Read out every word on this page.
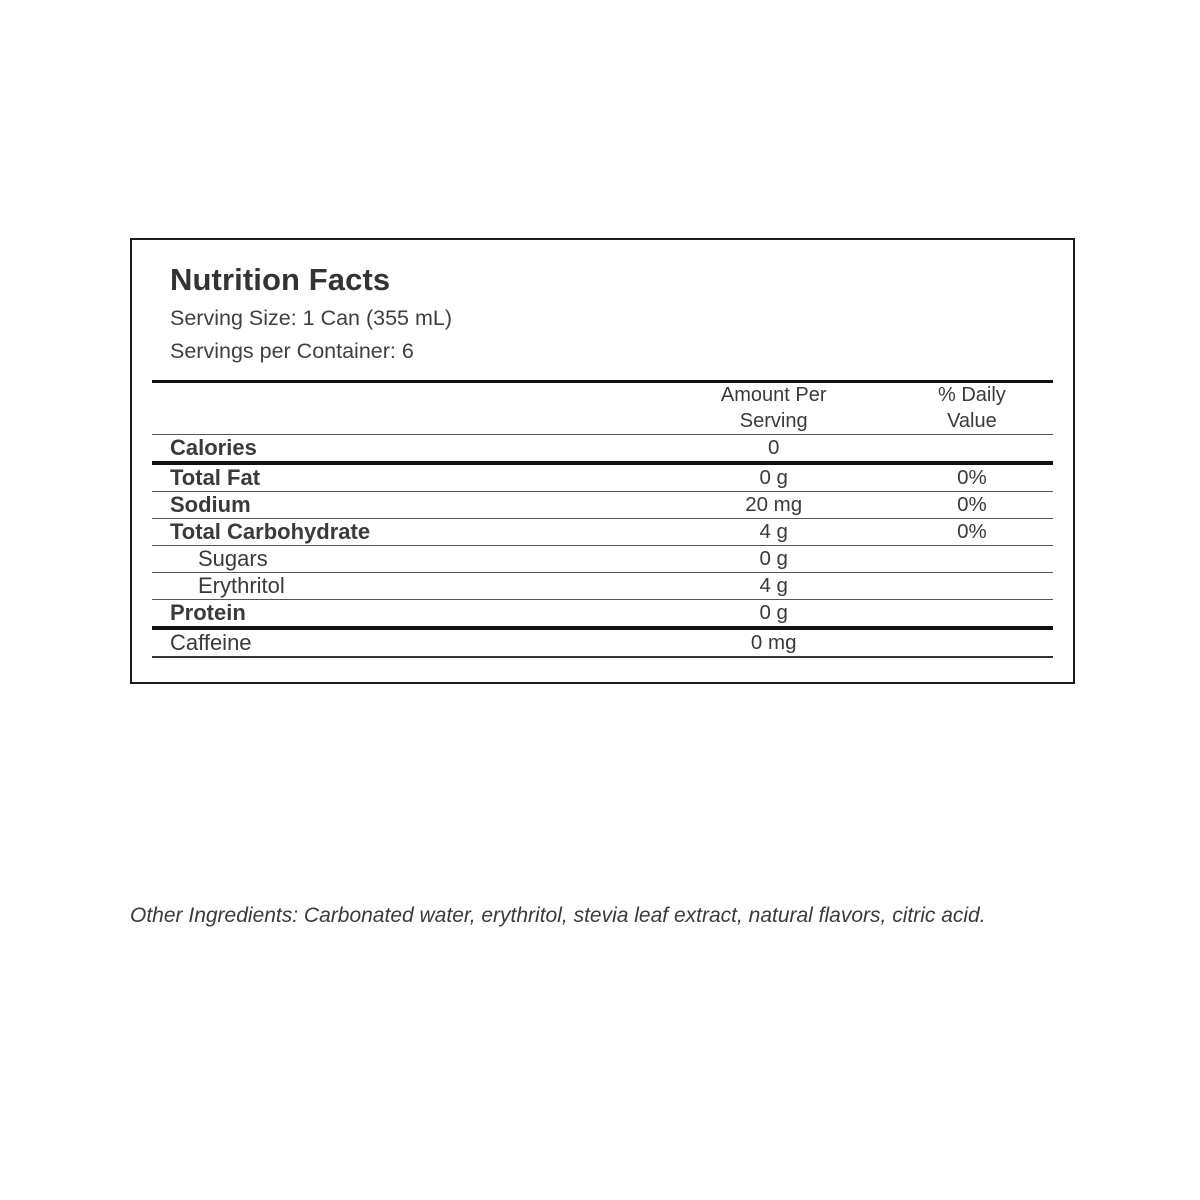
Nutrition Facts
Serving Size: 1 Can (355 mL)
Servings per Container: 6

Amount Per
Serving

% Daily
Value

Calories	0	
Total Fat	0 g	0%
Sodium	20 mg	0%
Total Carbohydrate	4 g	0%
Sugars	0 g	
Erythritol	4 g	
Protein	0 g	
Caffeine	0 mg	
Other Ingredients: Carbonated water, erythritol, stevia leaf extract, natural flavors, citric acid.
